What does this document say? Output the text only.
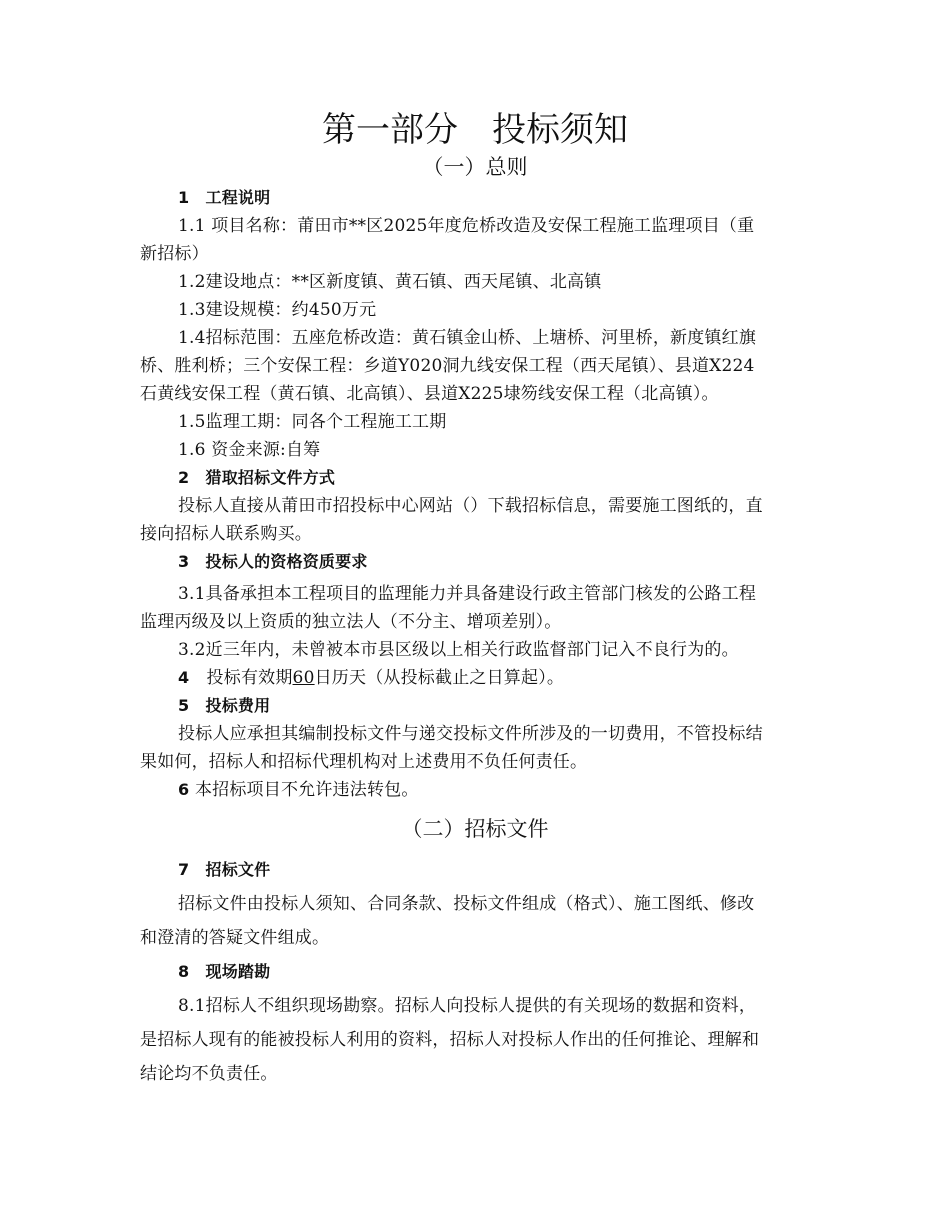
第一部分　投标须知
（一）总则
1　工程说明
1.1 项目名称：莆田市**区2025年度危桥改造及安保工程施工监理项目（重
新招标）
1.2建设地点：**区新度镇、黄石镇、西天尾镇、北高镇
1.3建设规模：约450万元
1.4招标范围：五座危桥改造：黄石镇金山桥、上塘桥、河里桥，新度镇红旗
桥、胜利桥；三个安保工程：乡道Y020洞九线安保工程（西天尾镇）、县道X224
石黄线安保工程（黄石镇、北高镇）、县道X225埭笏线安保工程（北高镇）。
1.5监理工期：同各个工程施工工期
1.6 资金来源:自筹
2　猎取招标文件方式
投标人直接从莆田市招投标中心网站（）下载招标信息，需要施工图纸的，直
接向招标人联系购买。
3　投标人的资格资质要求
3.1具备承担本工程项目的监理能力并具备建设行政主管部门核发的公路工程
监理丙级及以上资质的独立法人（不分主、增项差别）。
3.2近三年内，未曾被本市县区级以上相关行政监督部门记入不良行为的。
4　 投标有效期60日历天（从投标截止之日算起）。
5　投标费用
投标人应承担其编制投标文件与递交投标文件所涉及的一切费用，不管投标结
果如何，招标人和招标代理机构对上述费用不负任何责任。
6 本招标项目不允许违法转包。
（二）招标文件
7　招标文件
招标文件由投标人须知、合同条款、投标文件组成（格式）、施工图纸、修改
和澄清的答疑文件组成。
8　现场踏勘
8.1招标人不组织现场勘察。招标人向投标人提供的有关现场的数据和资料，
是招标人现有的能被投标人利用的资料，招标人对投标人作出的任何推论、理解和
结论均不负责任。
